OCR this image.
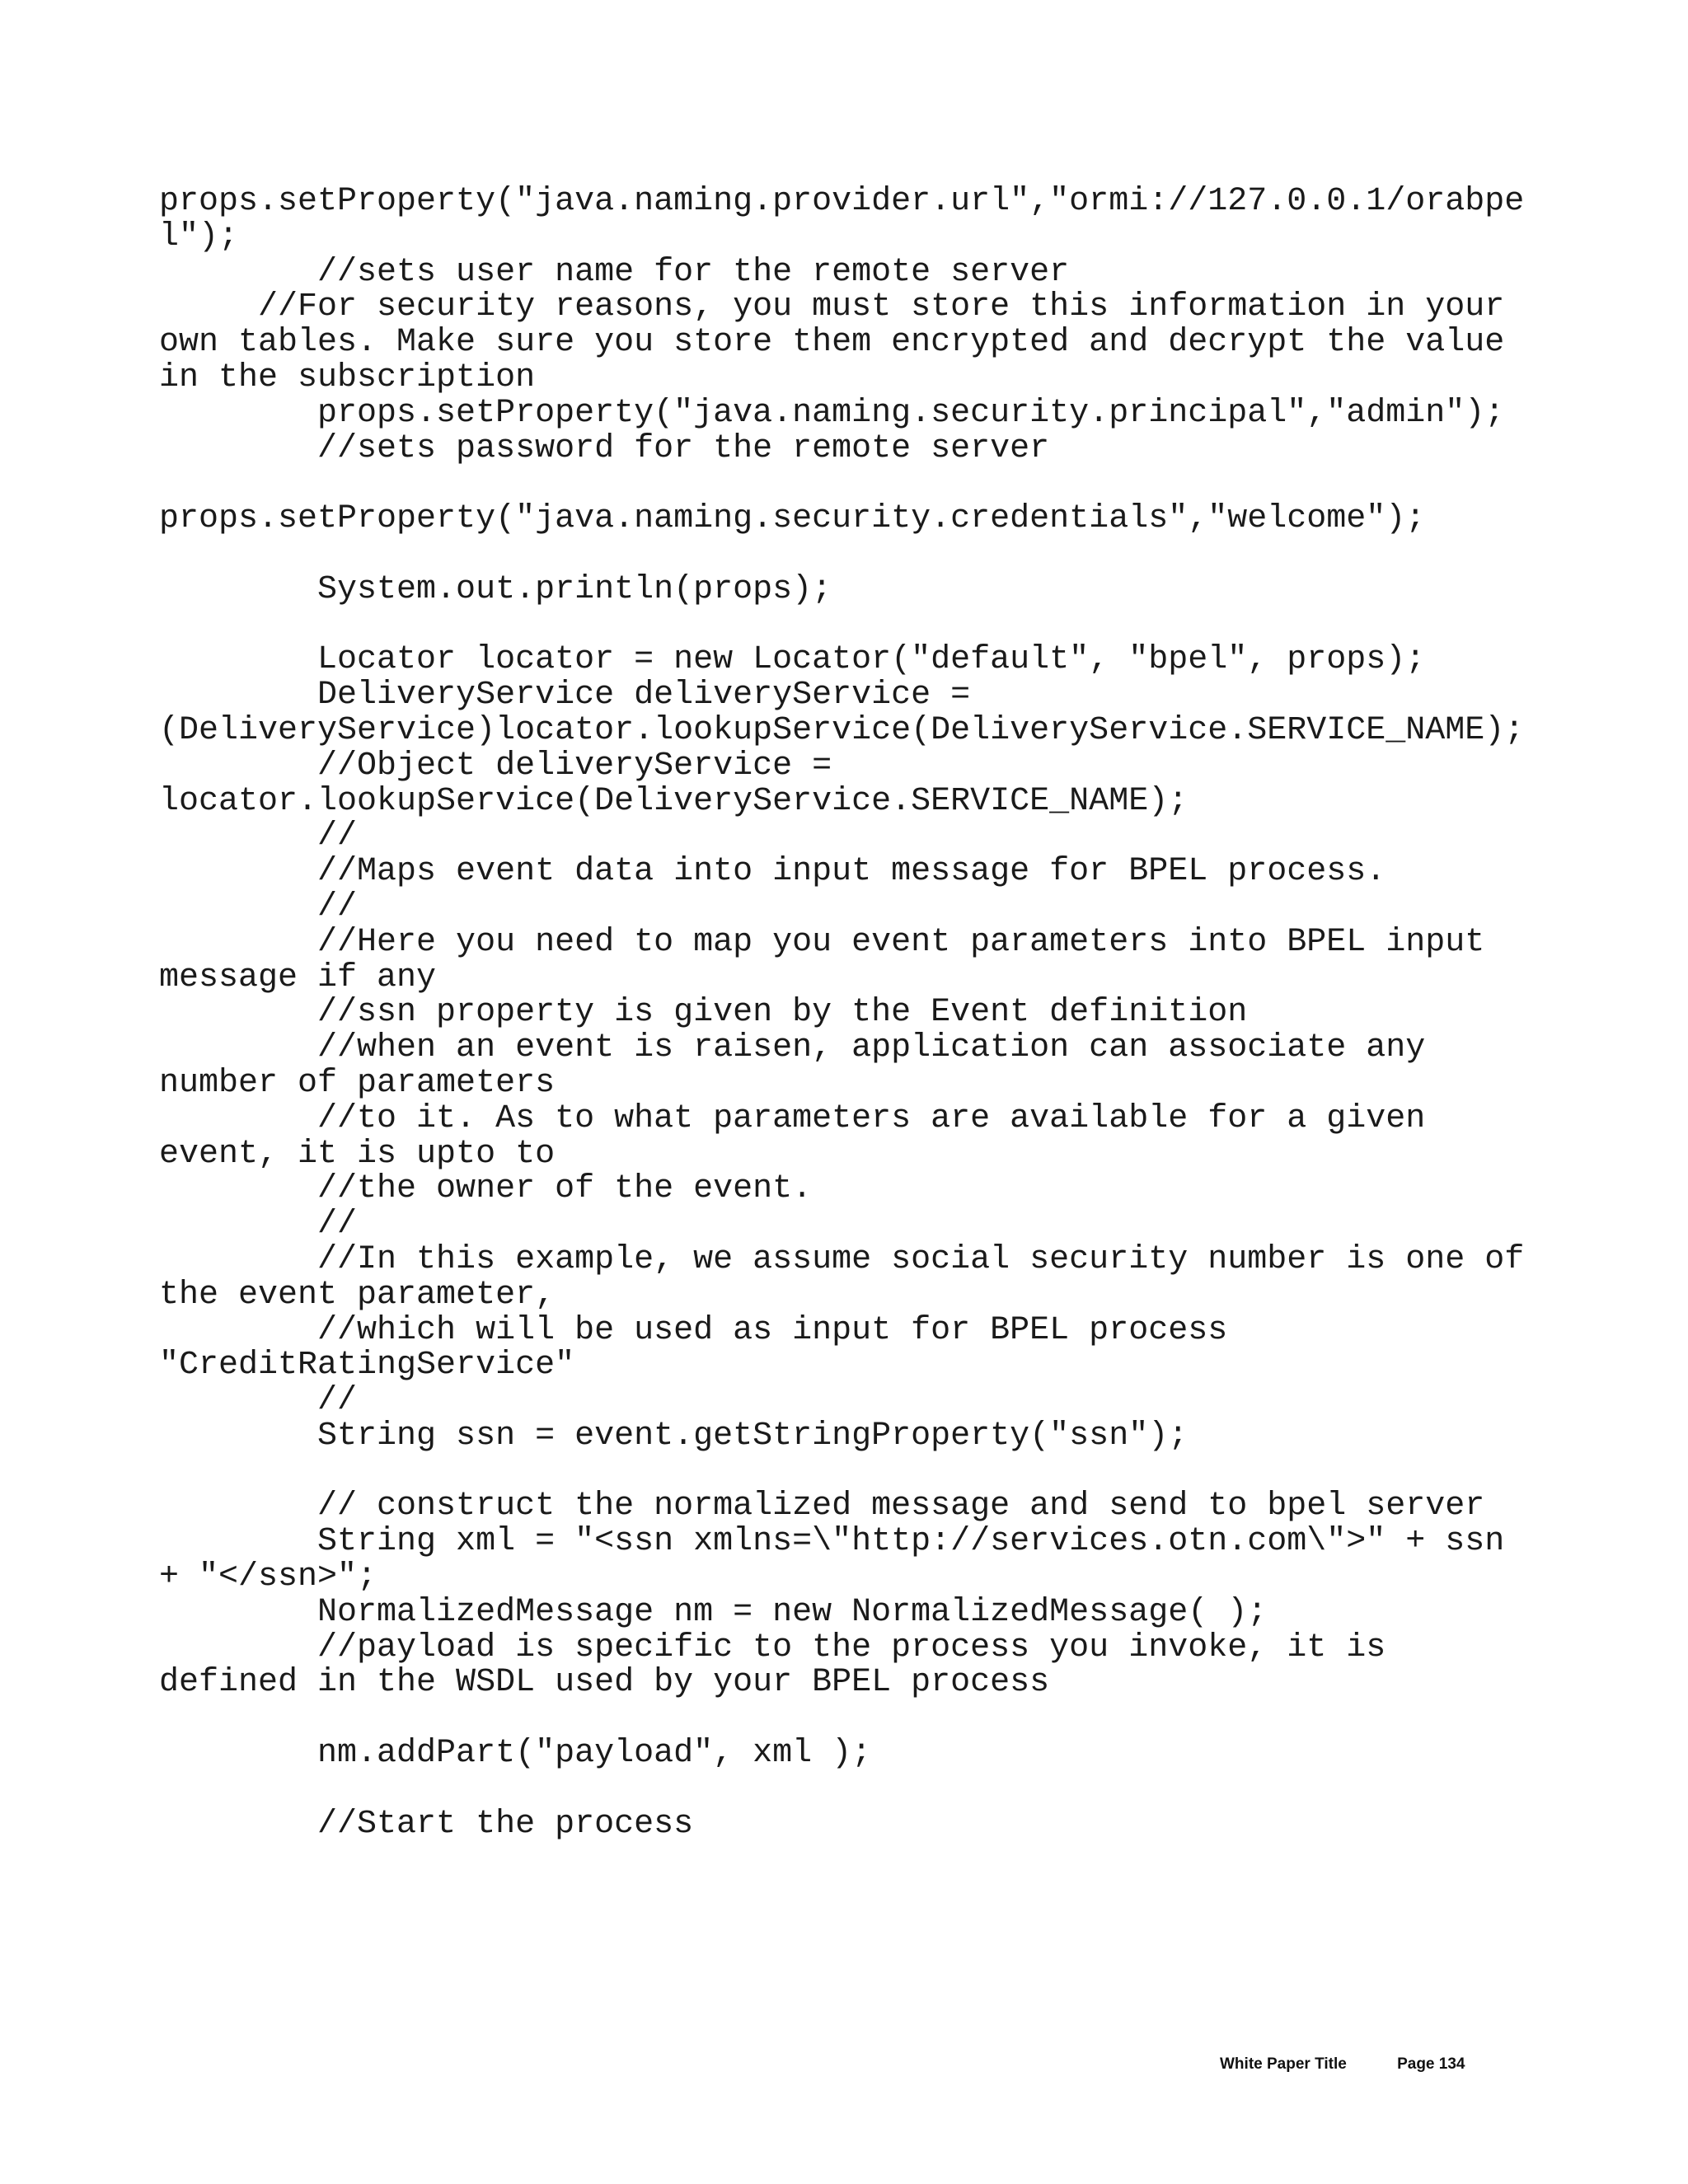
props.setProperty("java.naming.provider.url","ormi://127.0.0.1/orabpe
l");
//sets user name for the remote server
//For security reasons, you must store this information in your
own tables. Make sure you store them encrypted and decrypt the value
in the subscription
props.setProperty("java.naming.security.principal","admin");
//sets password for the remote server
props.setProperty("java.naming.security.credentials","welcome");
System.out.println(props);
Locator locator = new Locator("default", "bpel", props);
DeliveryService deliveryService =
(DeliveryService)locator.lookupService(DeliveryService.SERVICE_NAME);
//Object deliveryService =
locator.lookupService(DeliveryService.SERVICE_NAME);
//
//Maps event data into input message for BPEL process.
//
//Here you need to map you event parameters into BPEL input
message if any
//ssn property is given by the Event definition
//when an event is raisen, application can associate any
number of parameters
//to it. As to what parameters are available for a given
event, it is upto to
//the owner of the event.
//
//In this example, we assume social security number is one of
the event parameter,
//which will be used as input for BPEL process
"CreditRatingService"
//
String ssn = event.getStringProperty("ssn");
// construct the normalized message and send to bpel server
String xml = "<ssn xmlns=\"http://services.otn.com\">" + ssn
+ "</ssn>";
NormalizedMessage nm = new NormalizedMessage( );
//payload is specific to the process you invoke, it is
defined in the WSDL used by your BPEL process
nm.addPart("payload", xml );
//Start the process
White Paper Title	Page 134
